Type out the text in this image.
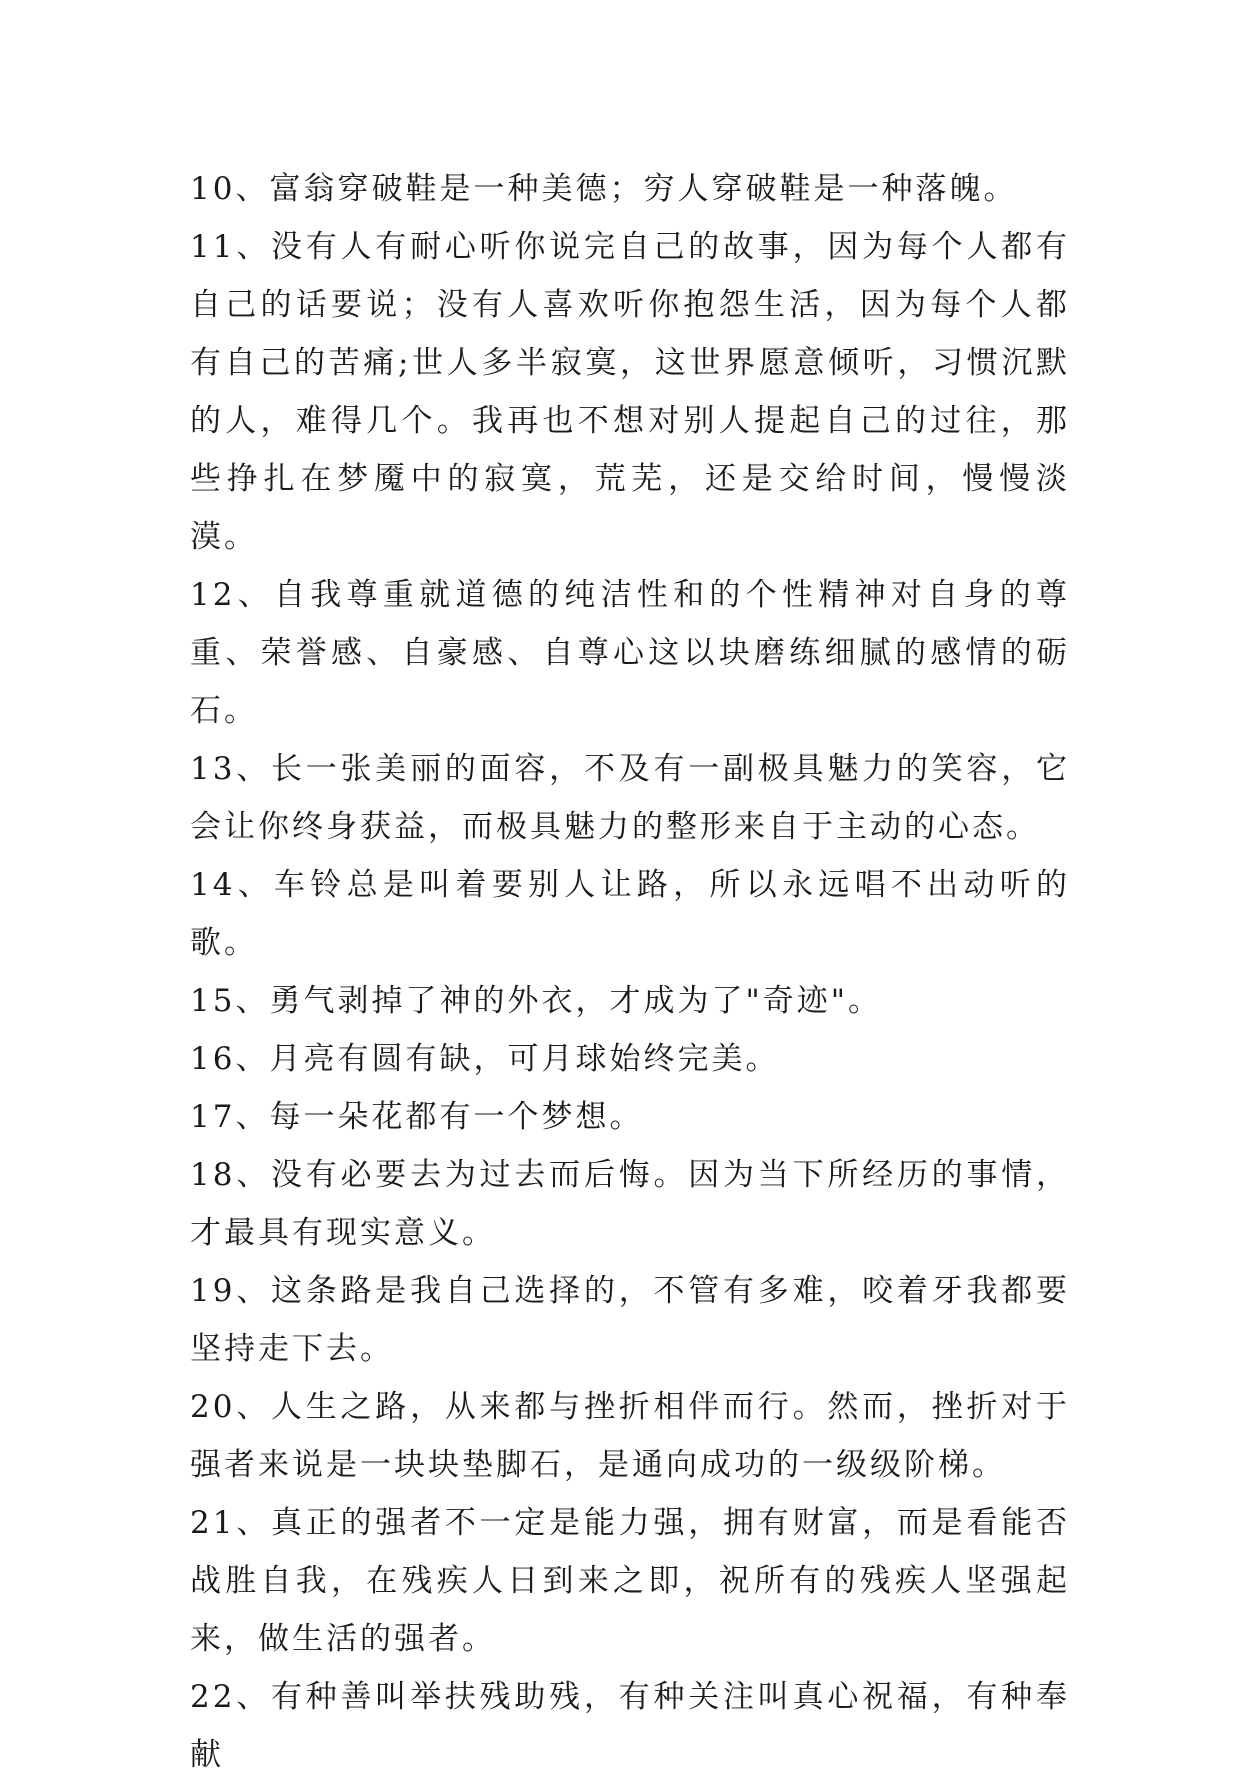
10、富翁穿破鞋是一种美德；穷人穿破鞋是一种落魄。

11、没有人有耐心听你说完自己的故事，因为每个人都有自己的话要说；没有人喜欢听你抱怨生活，因为每个人都有自己的苦痛;世人多半寂寞，这世界愿意倾听，习惯沉默的人，难得几个。我再也不想对别人提起自己的过往，那些挣扎在梦魇中的寂寞，荒芜，还是交给时间，慢慢淡漠。

12、自我尊重就道德的纯洁性和的个性精神对自身的尊重、荣誉感、自豪感、自尊心这以块磨练细腻的感情的砺石。

13、长一张美丽的面容，不及有一副极具魅力的笑容，它会让你终身获益，而极具魅力的整形来自于主动的心态。

14、车铃总是叫着要别人让路，所以永远唱不出动听的歌。

15、勇气剥掉了神的外衣，才成为了"奇迹"。

16、月亮有圆有缺，可月球始终完美。

17、每一朵花都有一个梦想。

18、没有必要去为过去而后悔。因为当下所经历的事情，才最具有现实意义。

19、这条路是我自己选择的，不管有多难，咬着牙我都要坚持走下去。

20、人生之路，从来都与挫折相伴而行。然而，挫折对于强者来说是一块块垫脚石，是通向成功的一级级阶梯。

21、真正的强者不一定是能力强，拥有财富，而是看能否战胜自我，在残疾人日到来之即，祝所有的残疾人坚强起来，做生活的强者。

22、有种善叫举扶残助残，有种关注叫真心祝福，有种奉献
